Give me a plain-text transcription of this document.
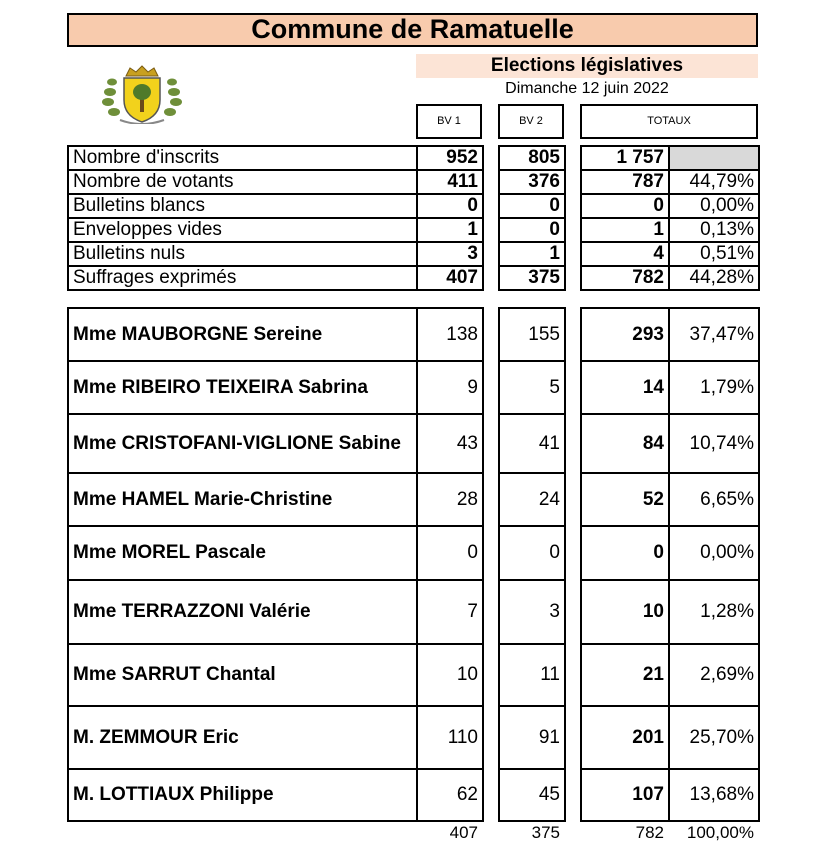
Commune de Ramatuelle
Elections législatives
Dimanche 12 juin 2022
BV 1	BV 2	TOTAUX
Nombre d'inscrits	952		805		1 757	
Nombre de votants	411		376		787	44,79%
Bulletins blancs	0		0		0	0,00%
Enveloppes vides	1		0		1	0,13%
Bulletins nuls	3		1		4	0,51%
Suffrages exprimés	407		375		782	44,28%
Mme MAUBORGNE Sereine	138		155		293	37,47%
Mme RIBEIRO TEIXEIRA Sabrina	9		5		14	1,79%
Mme CRISTOFANI-VIGLIONE Sabine	43		41		84	10,74%
Mme HAMEL Marie-Christine	28		24		52	6,65%
Mme MOREL Pascale	0		0		0	0,00%
Mme TERRAZZONI Valérie	7		3		10	1,28%
Mme SARRUT Chantal	10		11		21	2,69%
M. ZEMMOUR Eric	110		91		201	25,70%
M. LOTTIAUX Philippe	62		45		107	13,68%
	407		375		782	100,00%
